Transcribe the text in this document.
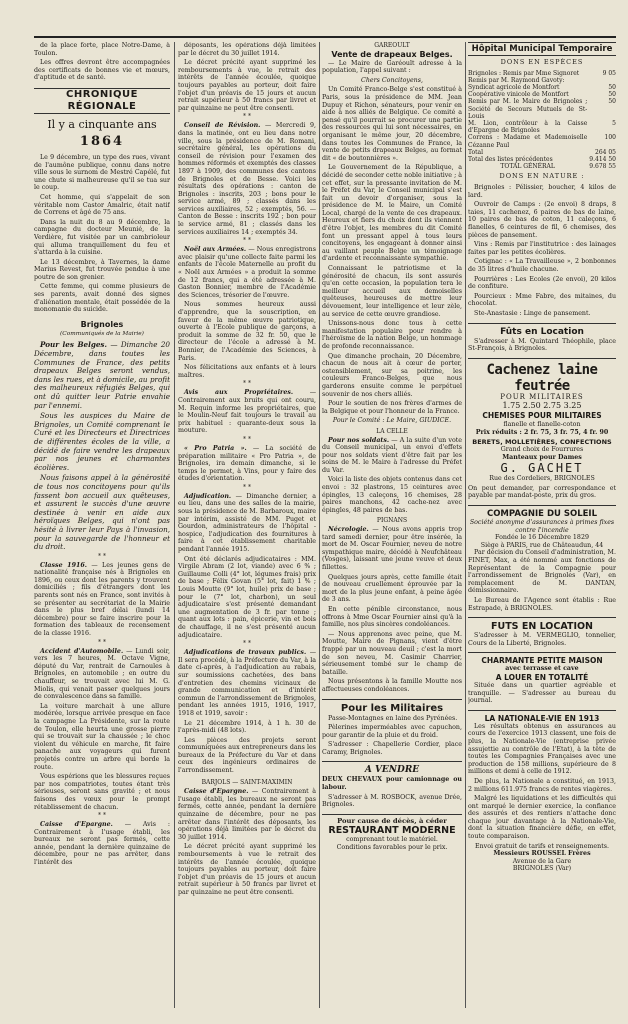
de la place forte, place Notre-Dame, à Toulon.

Les offres devront être accompagnées des certificats de bonnes vie et mœurs, d'aptitude et de santé.

CHRONIQUE RÉGIONALE
Il y a cinquante ans
1864

Le 9 décembre, un type des rues, vivant de l'aumône publique, connu dans notre ville sous le surnom de Mestré Capélé, fut une chute si malheureuse qu'il se tua sur le coup.

Cet homme, qui s'appelait de son véritable nom Castor Amalric, était natif de Correns et âgé de 75 ans.

Dans la nuit du 8 au 9 décembre, la campagne du docteur Meunié, de la Verdière, fut visitée par un cambrioleur qui alluma tranquillement du feu et s'attarda à la cuisine.

Le 13 décembre, à Tavernes, la dame Marius Revest, fut trouvée pendue à une poutre de son grenier.

Cette femme, qui comme plusieurs de ses parents, avait donné des signes d'aliénation mentale, était possédée de la monomanie du suicide.

Brignoles
(Communiqués de la Mairie)

Pour les Belges. — Dimanche 20 Décembre, dans toutes les Communes de France, des petits drapeaux Belges seront vendus, dans les rues, et à domicile, au profit des malheureux réfugiés Belges, qui ont dû quitter leur Patrie envahie par l'ennemi.

Sous les auspices du Maire de Brignoles, un Comité comprenant le Curé et les Directeurs et Directrices de différentes écoles de la ville, a décidé de faire vendre les drapeaux par nos jeunes et charmantes écolières.

Nous faisons appel à la générosité de tous nos concitoyens pour qu'ils fassent bon accueil aux quêteuses, et assurent le succès d'une œuvre destinée à venir en aide aux héroïques Belges, qui n'ont pas hésité à livrer leur Pays à l'invasion, pour la sauvegarde de l'honneur et du droit.

* *

Classe 1916. — Les jeunes gens de nationalité française nés à Brignoles en 1896, ou ceux dont les parents y trouvent domiciliés ; fils d'étrangers dont les parents sont nés en France, sont invités à se présenter au secrétariat de la Mairie dans le plus bref délai (lundi 14 décembre) pour se faire inscrire pour la formation des tableaux de recensement de la classe 1916.

* *

Accident d'Automobile. — Lundi soir, vers les 7 heures, M. Octave Vigne, député du Var, rentrait de Carnoules à Brignoles, en automobile ; en outre du chauffeur, se trouvait avec lui M. G. Miolis, qui venait passer quelques jours de convalescence dans sa famille.

La voiture marchait à une allure modérée, lorsque arrivée presque en face la campagne La Présidente, sur la route de Toulon, elle heurta une grosse pierre qui se trouvait sur la chaussée ; le choc violent du véhicule en marche, fit faire panache aux voyageurs qui furent projetés contre un arbre qui borde la route.

Vous espérions que les blessures reçues par nos compatriotes, toutes étant très sérieuses, seront sans gravité ; et nous faisons des vœux pour le prompt rétablissement de chacun.

* *

Caisse d'Epargne. — Avis : Contrairement à l'usage établi, les bureaux ne seront pas fermés, cette année, pendant la dernière quinzaine de décembre, pour ne pas arrêter, dans l'intérêt des

déposants, les opérations déjà limitées par le décret du 30 juillet 1914.

Le décret précité ayant supprimé les remboursements à vue, le retrait des intérêts de l'année écoulée, quoique toujours payables au porteur, doit faire l'objet d'un préavis de 15 jours et aucun retrait supérieur à 50 francs par livret et par quinzaine ne peut être consenti.

* *

Conseil de Révision. — Mercredi 9, dans la matinée, ont eu lieu dans notre ville, sous la présidence de M. Romani, secrétaire général, les opérations du conseil de révision pour l'examen des hommes réformés et exemptés des classes 1897 à 1909, des communes des cantons de Brignoles et de Besse. Voici les résultats des opérations : canton de Brignoles : inscrits, 203 ; bons pour le service armé, 89 ; classés dans les services auxiliaires, 52 ; exemptés, 56. — Canton de Besse : inscrits 192 ; bon pour le service armé, 81 ; classés dans les services auxiliaires 14 ; exemptés 34.

* *

Noël aux Armées. — Nous enregistrons avec plaisir qu'une collecte faite parmi les enfants de l'école Maternelle au profit du « Noël aux Armées » a produit la somme de 12 francs, qui a été adressée à M. Gaston Bonnier, membre de l'Académie des Sciences, trésorier de l'œuvre.

Nous sommes heureux aussi d'apprendre, que la souscription, en faveur de la même œuvre patriotique, ouverte à l'Ecole publique de garçons, a produit la somme de 32 fr. 50, que le directeur de l'école a adressé à M. Bonnier, de l'Académie des Sciences, à Paris.

Nos félicitations aux enfants et à leurs maîtres.

* *

Avis aux Propriétaires.	— Contrairement aux bruits qui ont couru, M. Requin informe les propriétaires, que le Moulin-Neuf fait toujours le travail au prix habituel : quarante-deux sous la mouture.

* *

« Pro Patria ». — La société de préparation militaire « Pro Patria », de Brignoles, ira demain dimanche, si le temps le permet, à Vins, pour y faire des études d'orientation.

* *

Adjudication. — Dimanche dernier, a eu lieu, dans une des salles de la mairie, sous la présidence de M. Barbaroux, maire par intérim, assisté de MM. Puget et Gourdon, administrateurs de l'hôpital - hospice, l'adjudication des fournitures à faire à cet établissement charitable pendant l'année 1915.

Ont été déclarés adjudicataires : MM. Virgile Abram (2 lot, viande) avec 6 % ; Guillaume Colli (4° lot, légumes frais) prix de base ; Félix Govan (5° lot, fait) 1 % ; Louis Moutte (9° lot, huile) prix de base ; pour le (7° lot, charbon), un seul adjudicataire s'est présenté demandant une augmentation de 3 fr. par tonne ; quant aux lots : pain, épicerie, vin et bois de chauffage, il ne s'est présenté aucun adjudicataire.

* *

Adjudications de travaux publics. — Il sera procédé, à la Préfecture du Var, à la date ci-après, à l'adjudication au rabais, sur soumissions cachetées, des bans d'entretien des chemins vicinaux de grande communication et d'intérêt commun de l'arrondissement de Brignoles, pendant les années 1915, 1916, 1917, 1918 et 1919, savoir :

Le 21 décembre 1914, à 1 h. 30 de l'après-midi (48 lots).

Les pièces des projets seront communiquées aux entrepreneurs dans les bureaux de la Préfecture du Var et dans ceux des ingénieurs ordinaires de l'arrondissement.

BARJOLS — SAINT-MAXIMIN

Caisse d'Epargne. — Contrairement à l'usage établi, les bureaux ne seront pas fermés, cette année, pendant la dernière quinzaine de décembre, pour ne pas arrêter dans l'intérêt des déposants, les opérations déjà limitées par le décret du 30 juillet 1914.

Le décret précité ayant supprimé les remboursements à vue le retrait des intérêts de l'année écoulée, quoique toujours payables au porteur, doit faire l'objet d'un préavis de 15 jours et aucun retrait supérieur à 50 francs par livret et par quinzaine ne peut être consenti.

GARÉOULT
Vente de drapeaux Belges.

— Le Maire de Garéoult adresse à la population, l'appel suivant :

Chers Concitoyens,

Un Comité Franco-Belge s'est constitué à Paris, sous la présidence de MM. Jean Dupuy et Richon, sénateurs, pour venir en aide à nos alliés de Belgique. Ce comité a pensé qu'il pourrait se procurer une partie des ressources qui lui sont nécessaires, en organisant le même jour, 20 décembre, dans toutes les Communes de France, la vente de petits drapeaux Belges, au format dit « de boutonnières ».

Le Gouvernement de la République, a décidé de seconder cette noble initiative ; à cet effet, sur la pressante invitation de M. le Préfet du Var, le Conseil municipal s'est fait un devoir d'organiser, sous la présidence de M. le Maire, un Comité Local, chargé de la vente de ces drapeaux. Heureux et fiers du choix dont ils viennent d'être l'objet, les membres du dit Comité font un pressant appel à tous leurs concitoyens, les engageant à donner ainsi au vaillant peuple Belge un témoignage d'ardente et reconnaissante sympathie.

Connaissant le patriotisme et la générosité de chacun, ils sont assurés qu'en cette occasion, la population tera le meilleur accueil aux demoiselles quêteuses, heureuses de mettre leur dévouement, leur intelligence et leur zèle, au service de cette œuvre grandiose.

Unissons-nous donc tous à cette manifestation populaire pour rendre à l'héroïsme de la nation Belge, un hommage de profonde reconnaissance.

Que dimanche prochain, 20 Décembre, chacun de nous ait à cœur de porter, ostensiblement, sur sa poitrine, les couleurs Franco-Belges, que nous garderons ensuite comme le perpétuel souvenir de nos chers alliés.

Pour le soutien de nos frères d'armes de la Belgique et pour l'honneur de la France.

Pour le Comité : Le Maire, GIUDICE.
LA CELLE

Pour nos soldats. — A la suite d'un vote du Conseil municipal, un envoi d'effets pour nos soldats vient d'être fait par les soins de M. le Maire à l'adresse du Préfet du Var.

Voici la liste des objets contenus dans cet envoi : 32 plastrons, 15 ceintures avec épingles, 13 caleçons, 16 chemises, 28 paires manchons, 42 cache-nez avec épingles, 48 paires de bas.

PIGNANS

Nécrologie. — Nous avons appris trop tard samedi dernier, pour être insérée, la mort de M. Oscar Fournier, neveu de notre sympathique maire, décédé à Neufchâteau (Vosges), laissant une jeune veuve et deux fillettes.

Quelques jours après, cette famille était de nouveau cruellement éprouvée par la mort de la plus jeune enfant, à peine âgée de 3 ans.

En cette pénible circonstance, nous offrons à Mme Oscar Fournier ainsi qu'à la famille, nos plus sincères condoléances.

— Nous apprenons avec peine, que M. Moutte, Maire de Pignans, vient d'être frappé par un nouveau deuil ; c'est la mort de son neveu, M. Casimir Charrier, sérieusement tombé sur le champ de bataille.

Nous présentons à la famille Moutte nos affectueuses condoléances.

Pour les Militaires

Passe-Montagnes en laine des Pyrénées.

Pèlerines imperméables avec capuchon, pour garantir de la pluie et du froid.

S'adresser : Chapellerie Cordier, place Caramy, Brignoles.

A VENDRE

DEUX CHEVAUX pour camionnage ou labour.

S'adresser à M. ROSBOCK, avenue Drée, Brignoles.

Pour cause de décès, à céder
RESTAURANT MODERNE
comprenant tout le matériel.
Conditions favorables pour le prix.
Hôpital Municipal Temporaire
DONS EN ESPÈCES
Brignoles : Remis par Mme Signoret	9 05
Remis par M. Raymond Gavoty:	
Syndicat agricole de Montfort	50
Coopérative vinicole de Montfort	50
Remis par M. le Maire de Brignoles ; Société de Secours Mutuels de St-Louis	50
M. Lion, contrôleur à la Caisse d'Epargne de Brignoles	5
Correns : Madame et Mademoiselle Cézanne Paul	100
Total	264 05
Total des listes précédentes	9.414 50
TOTAL GÉNÉRAL	9.678 55
DONS EN NATURE :

Brignoles : Pélissier, boucher, 4 kilos de lard.

Ouvroir de Camps : (2e envoi) 8 draps, 8 taies, 11 cachenez, 6 paires de bas de laine, 10 paires de bas de coton, 11 caleçons, 6 flanelles, 6 ceintures de fil, 6 chemises, des pièces de pansement.

Vins : Remis par l'institutrice : des lainages faites par les petites écolières.

Cotignac : « La Travailleuse », 2 bonbonnes de 35 litres d'huile chacune.

Pourrières : Les Ecoles (2e envoi), 20 kilos de confiture.

Pourcieux : Mme Fabre, des mitaines, du chocolat.

Ste-Anastasie : Linge de pansement.

Fûts en Location

S'adresser à M. Quintard Théophile, place St-François, à Brignoles.

Cachenez laine feutrée
POUR MILITAIRES
1.75 2.50 2.75 3.25
CHEMISES POUR MILITAIRES
flanelle et flanelle-coton
Prix réduits : 2 fr. 75, 3 fr. 75, 4 fr. 90
BERETS, MOLLETIÈRES, CONFECTIONS
Grand choix de Fourrures
Manteaux pour Dames
G. GACHET
Rue des Cordeliers, BRIGNOLES

On peut demander, par correspondance et payable par mandat-poste, prix du gros.

COMPAGNIE DU SOLEIL
Société anonyme d'assurances à primes fixes contre l'incendie
Fondée le 16 Décembre 1829
Siège à PARIS, rue de Châteaudun, 44

Par décision du Conseil d'administration, M. FINET, Max, a été nommé aux fonctions de Représentant de la Compagnie pour l'arrondissement de Brignoles (Var), en remplacement de M. DANTAN, démissionnaire.

Le Bureau de l'Agence sont établis : Rue Estrapade, à BRIGNOLES.

FUTS EN LOCATION

S'adresser à M. VERMEGLIO, tonnelier, Cours de la Liberté, Brignoles.

CHARMANTE PETITE MAISON
avec terrasse et cave
A LOUER EN TOTALITÉ

Située dans un quartier agréable et tranquille. — S'adresser au bureau du journal.

LA NATIONALE-VIE EN 1913

Les résultats obtenus en assurances au cours de l'exercice 1913 classent, une fois de plus, la Nationale-Vie (entreprise privée assujettie au contrôle de l'Etat), à la tête de toutes les Compagnies Françaises avec une production de 158 millions, supérieure de 8 millions et demi à celle de 1912.

De plus, la Nationale a constitué, en 1913, 2 millions 611.975 francs de rentes viagères.

Malgré les liquidations et les difficultés qui ont marqué le dernier exercice, la confiance des assurés et des rentiers n'attache donc chaque jour davantage à la Nationale-Vie, dont la situation financière défie, en effet, toute comparaison.

Envoi gratuit de tarifs et renseignements.
Messieurs ROUSSEL Frères
Avenue de la Gare
BRIGNOLES (Var)
